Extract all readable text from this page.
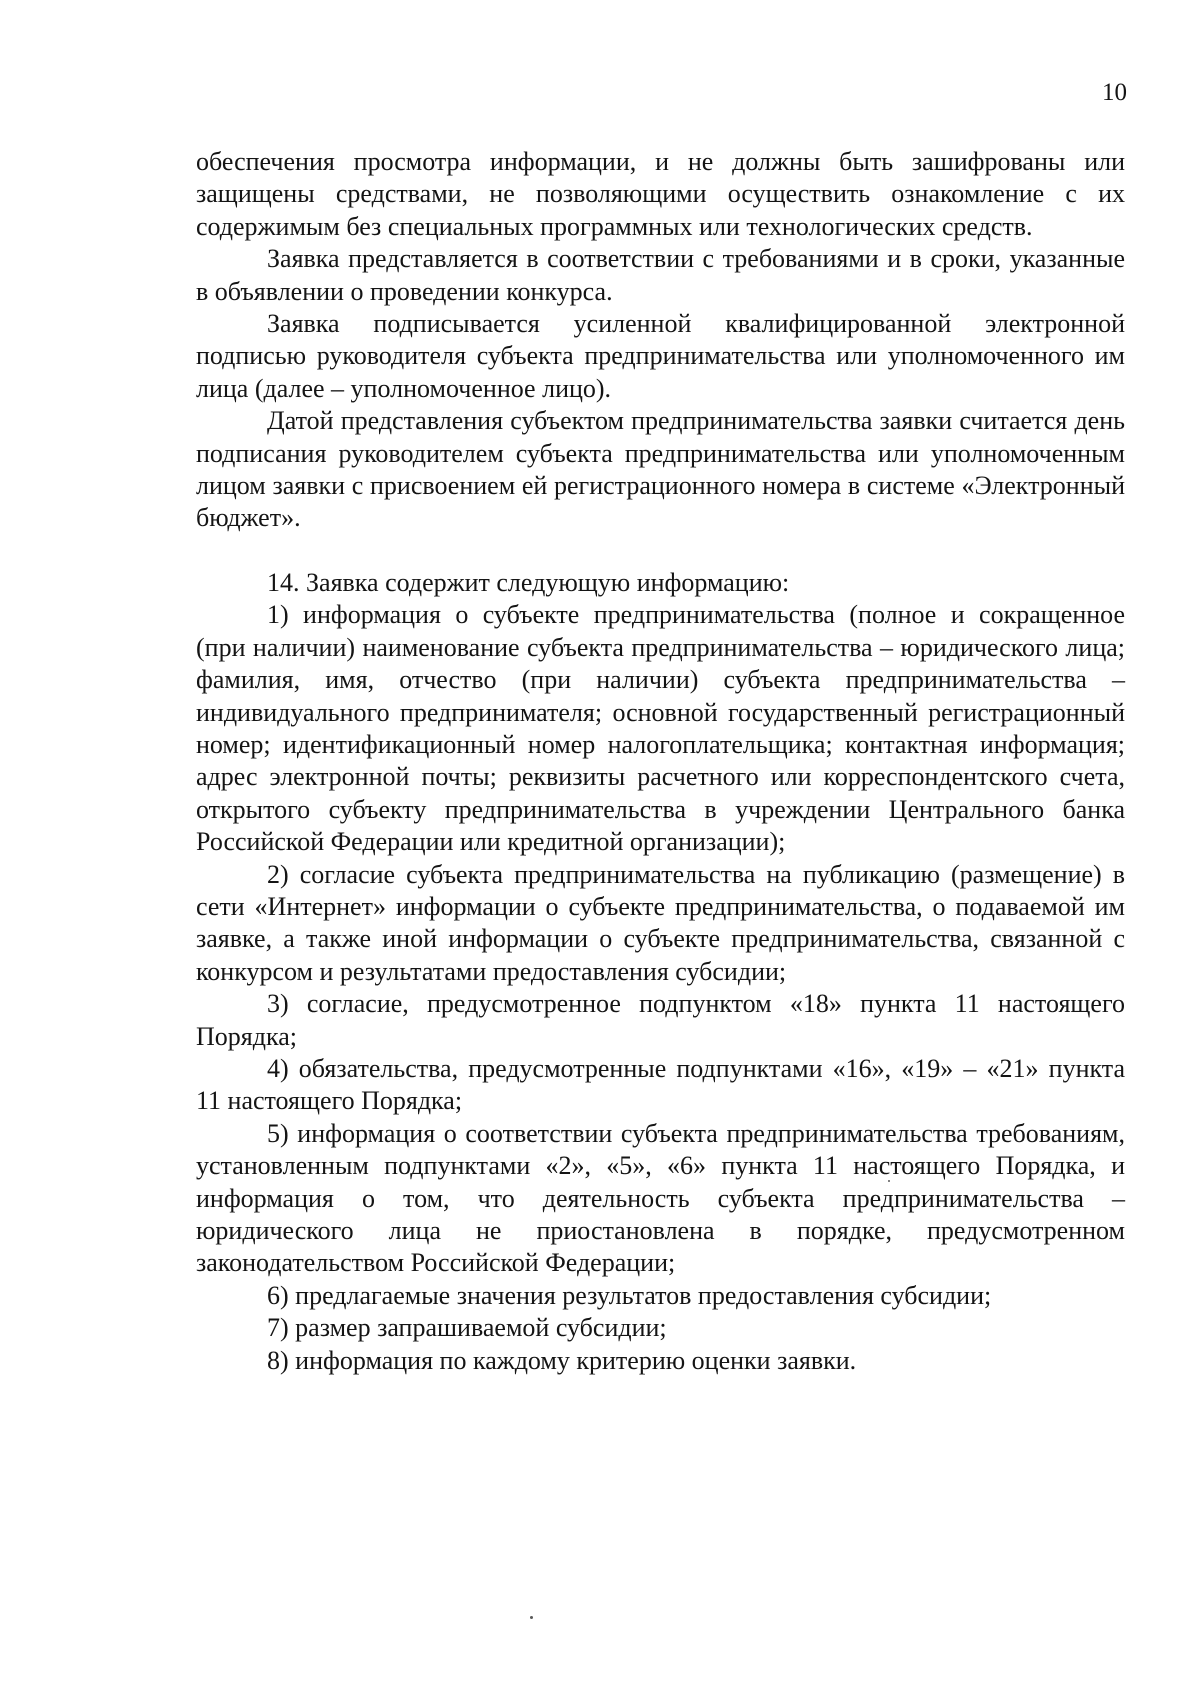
10

обеспечения просмотра информации, и не должны быть зашифрованы или защищены средствами, не позволяющими осуществить ознакомление с их содержимым без специальных программных или технологических средств.

Заявка представляется в соответствии с требованиями и в сроки, указанные в объявлении о проведении конкурса.

Заявка подписывается усиленной квалифицированной электронной подписью руководителя субъекта предпринимательства или уполномоченного им лица (далее – уполномоченное лицо).

Датой представления субъектом предпринимательства заявки считается день подписания руководителем субъекта предпринимательства или уполномоченным лицом заявки с присвоением ей регистрационного номера в системе «Электронный бюджет».

14. Заявка содержит следующую информацию:

1) информация о субъекте предпринимательства (полное и сокращенное (при наличии) наименование субъекта предпринимательства – юридического лица; фамилия, имя, отчество (при наличии) субъекта предпринимательства – индивидуального предпринимателя; основной государственный регистрационный номер; идентификационный номер налогоплательщика; контактная информация; адрес электронной почты; реквизиты расчетного или корреспондентского счета, открытого субъекту предпринимательства в учреждении Центрального банка Российской Федерации или кредитной организации);

2) согласие субъекта предпринимательства на публикацию (размещение) в сети «Интернет» информации о субъекте предпринимательства, о подаваемой им заявке, а также иной информации о субъекте предпринимательства, связанной с конкурсом и результатами предоставления субсидии;

3) согласие, предусмотренное подпунктом «18» пункта 11 настоящего Порядка;

4) обязательства, предусмотренные подпунктами «16», «19» – «21» пункта 11 настоящего Порядка;

5) информация о соответствии субъекта предпринимательства требованиям, установленным подпунктами «2», «5», «6» пункта 11 настоящего Порядка, и информация о том, что деятельность субъекта предпринимательства – юридического лица не приостановлена в порядке, предусмотренном законодательством Российской Федерации;

6) предлагаемые значения результатов предоставления субсидии;

7) размер запрашиваемой субсидии;

8) информация по каждому критерию оценки заявки.
